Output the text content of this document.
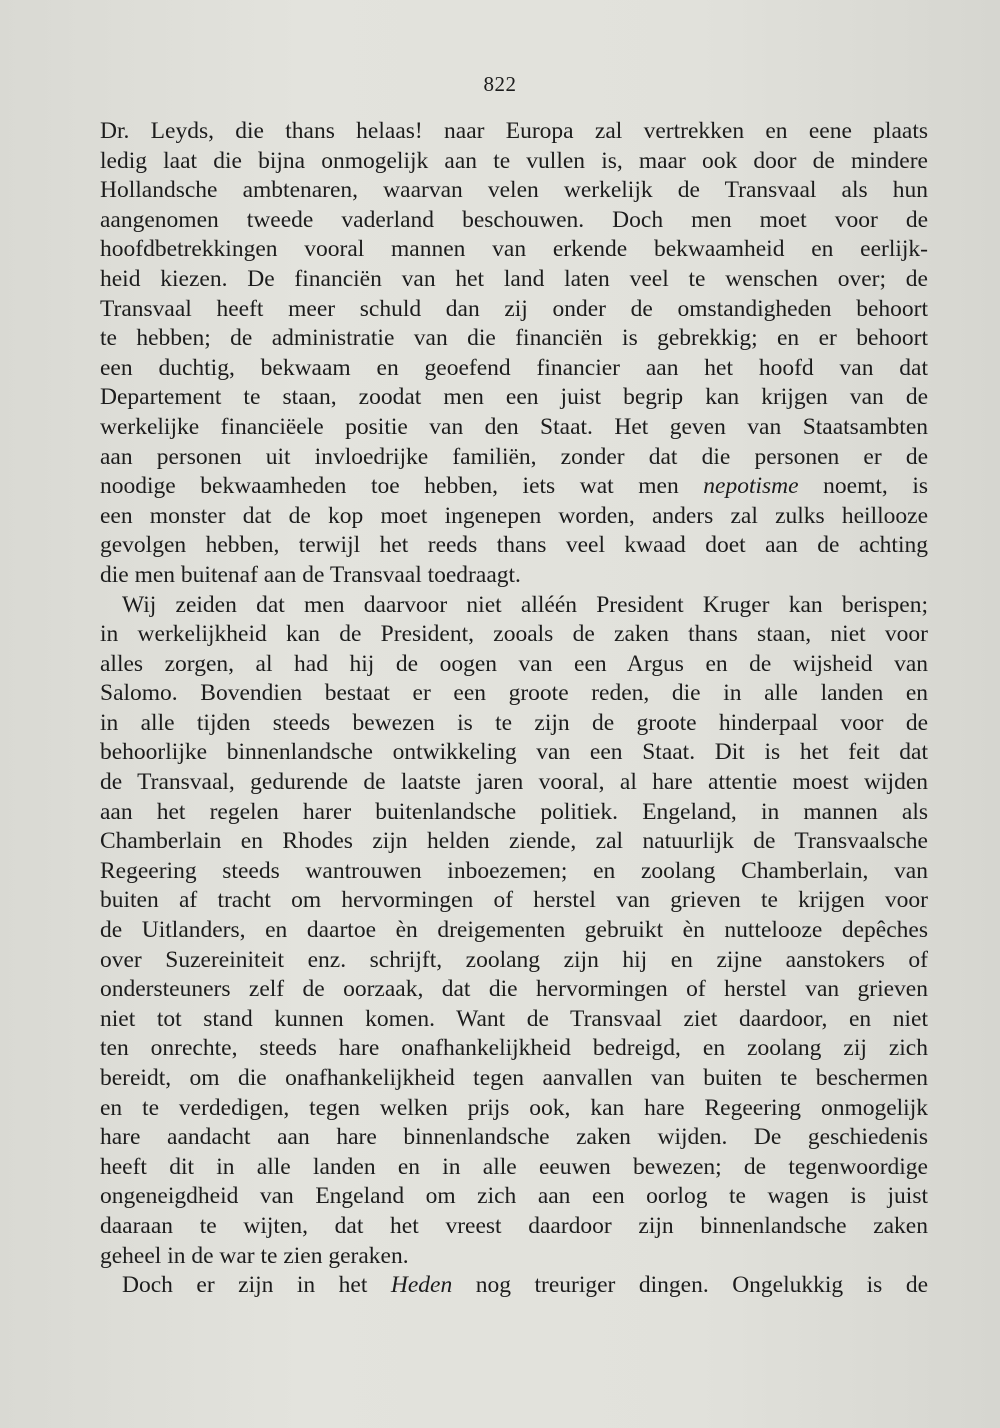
822
Dr. Leyds, die thans helaas! naar Europa zal vertrekken en eene plaats
ledig laat die bijna onmogelijk aan te vullen is, maar ook door de mindere
Hollandsche ambtenaren, waarvan velen werkelijk de Transvaal als hun
aangenomen tweede vaderland beschouwen. Doch men moet voor de
hoofdbetrekkingen vooral mannen van erkende bekwaamheid en eerlijk-
heid kiezen. De financiën van het land laten veel te wenschen over; de
Transvaal heeft meer schuld dan zij onder de omstandigheden behoort
te hebben; de administratie van die financiën is gebrekkig; en er behoort
een duchtig, bekwaam en geoefend financier aan het hoofd van dat
Departement te staan, zoodat men een juist begrip kan krijgen van de
werkelijke financiëele positie van den Staat. Het geven van Staatsambten
aan personen uit invloedrijke familiën, zonder dat die personen er de
noodige bekwaamheden toe hebben, iets wat men nepotisme noemt, is
een monster dat de kop moet ingenepen worden, anders zal zulks heillooze
gevolgen hebben, terwijl het reeds thans veel kwaad doet aan de achting
die men buitenaf aan de Transvaal toedraagt.
Wij zeiden dat men daarvoor niet alléén President Kruger kan berispen;
in werkelijkheid kan de President, zooals de zaken thans staan, niet voor
alles zorgen, al had hij de oogen van een Argus en de wijsheid van
Salomo. Bovendien bestaat er een groote reden, die in alle landen en
in alle tijden steeds bewezen is te zijn de groote hinderpaal voor de
behoorlijke binnenlandsche ontwikkeling van een Staat. Dit is het feit dat
de Transvaal, gedurende de laatste jaren vooral, al hare attentie moest wijden
aan het regelen harer buitenlandsche politiek. Engeland, in mannen als
Chamberlain en Rhodes zijn helden ziende, zal natuurlijk de Transvaalsche
Regeering steeds wantrouwen inboezemen; en zoolang Chamberlain, van
buiten af tracht om hervormingen of herstel van grieven te krijgen voor
de Uitlanders, en daartoe èn dreigementen gebruikt èn nuttelooze depêches
over Suzereiniteit enz. schrijft, zoolang zijn hij en zijne aanstokers of
ondersteuners zelf de oorzaak, dat die hervormingen of herstel van grieven
niet tot stand kunnen komen. Want de Transvaal ziet daardoor, en niet
ten onrechte, steeds hare onafhankelijkheid bedreigd, en zoolang zij zich
bereidt, om die onafhankelijkheid tegen aanvallen van buiten te beschermen
en te verdedigen, tegen welken prijs ook, kan hare Regeering onmogelijk
hare aandacht aan hare binnenlandsche zaken wijden. De geschiedenis
heeft dit in alle landen en in alle eeuwen bewezen; de tegenwoordige
ongeneigdheid van Engeland om zich aan een oorlog te wagen is juist
daaraan te wijten, dat het vreest daardoor zijn binnenlandsche zaken
geheel in de war te zien geraken.
Doch er zijn in het Heden nog treuriger dingen. Ongelukkig is de
